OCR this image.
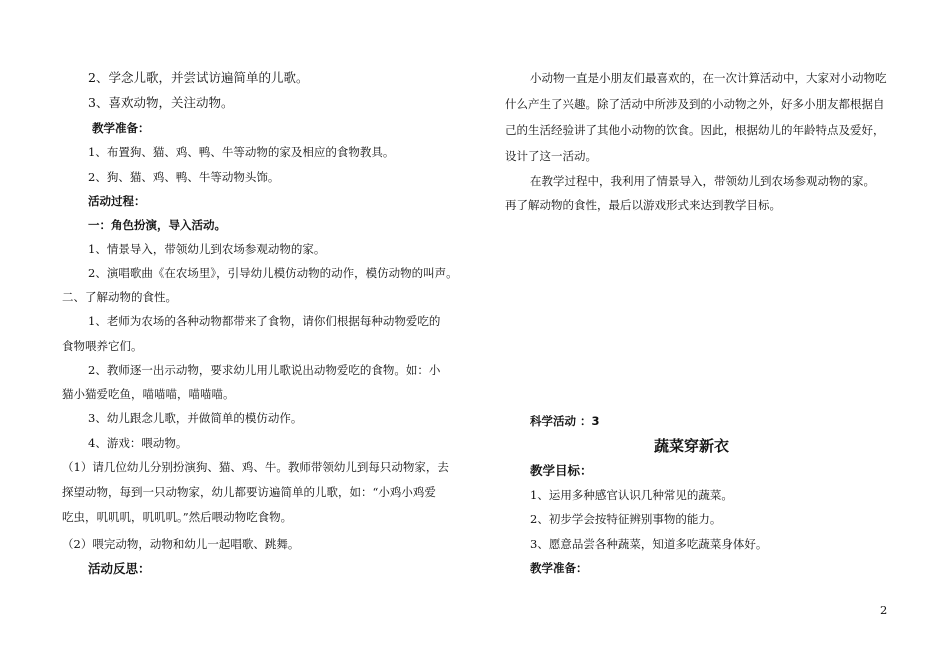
2、学念儿歌，并尝试访遍简单的儿歌。
3、喜欢动物，关注动物。
教学准备：
1、布置狗、猫、鸡、鸭、牛等动物的家及相应的食物教具。
2、狗、猫、鸡、鸭、牛等动物头饰。
活动过程：
一：角色扮演，导入活动。
1、情景导入，带领幼儿到农场参观动物的家。
2、演唱歌曲《在农场里》，引导幼儿模仿动物的动作，模仿动物的叫声。
二、了解动物的食性。
1、老师为农场的各种动物都带来了食物，请你们根据每种动物爱吃的
食物喂养它们。
2、教师逐一出示动物，要求幼儿用儿歌说出动物爱吃的食物。如：小
猫小猫爱吃鱼，喵喵喵，喵喵喵。
3、幼儿跟念儿歌，并做简单的模仿动作。
4、游戏：喂动物。
（1）请几位幼儿分别扮演狗、猫、鸡、牛。教师带领幼儿到每只动物家，去
探望动物，每到一只动物家，幼儿都要访遍简单的儿歌，如：“小鸡小鸡爱
吃虫，叽叽叽，叽叽叽。”然后喂动物吃食物。
（2）喂完动物，动物和幼儿一起唱歌、跳舞。
活动反思：
小动物一直是小朋友们最喜欢的，在一次计算活动中，大家对小动物吃
什么产生了兴趣。除了活动中所涉及到的小动物之外，好多小朋友都根据自
己的生活经验讲了其他小动物的饮食。因此，根据幼儿的年龄特点及爱好，
设计了这一活动。
在教学过程中，我利用了情景导入，带领幼儿到农场参观动物的家。
再了解动物的食性，最后以游戏形式来达到教学目标。
科学活动 ：3
蔬菜穿新衣
教学目标：
1、运用多种感官认识几种常见的蔬菜。
2、初步学会按特征辨别事物的能力。
3、愿意品尝各种蔬菜，知道多吃蔬菜身体好。
教学准备：
2
